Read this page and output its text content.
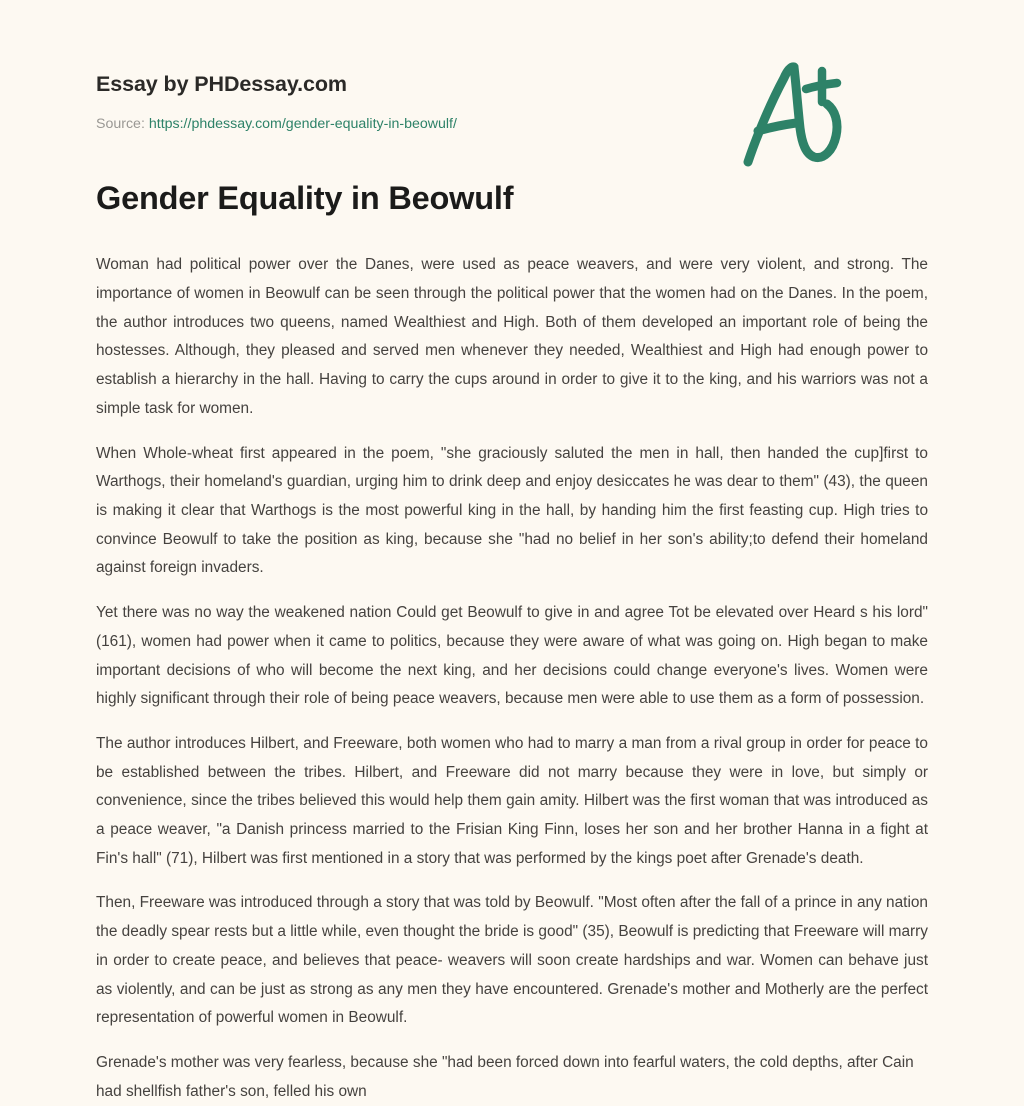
Essay by PHDessay.com
Source: https://phdessay.com/gender-equality-in-beowulf/
Gender Equality in Beowulf

Woman had political power over the Danes, were used as peace weavers, and were very violent, and strong. The importance of women in Beowulf can be seen through the political power that the women had on the Danes. In the poem, the author introduces two queens, named Wealthiest and High. Both of them developed an important role of being the hostesses. Although, they pleased and served men whenever they needed, Wealthiest and High had enough power to establish a hierarchy in the hall. Having to carry the cups around in order to give it to the king, and his warriors was not a simple task for women.

When Whole-wheat first appeared in the poem, "she graciously saluted the men in hall, then handed the cup]first to Warthogs, their homeland's guardian, urging him to drink deep and enjoy desiccates he was dear to them" (43), the queen is making it clear that Warthogs is the most powerful king in the hall, by handing him the first feasting cup. High tries to convince Beowulf to take the position as king, because she "had no belief in her son's ability;to defend their homeland against foreign invaders.

Yet there was no way the weakened nation Could get Beowulf to give in and agree Tot be elevated over Heard s his lord" (161), women had power when it came to politics, because they were aware of what was going on. High began to make important decisions of who will become the next king, and her decisions could change everyone's lives. Women were highly significant through their role of being peace weavers, because men were able to use them as a form of possession.

The author introduces Hilbert, and Freeware, both women who had to marry a man from a rival group in order for peace to be established between the tribes. Hilbert, and Freeware did not marry because they were in love, but simply or convenience, since the tribes believed this would help them gain amity. Hilbert was the first woman that was introduced as a peace weaver, "a Danish princess married to the Frisian King Finn, loses her son and her brother Hanna in a fight at Fin's hall" (71), Hilbert was first mentioned in a story that was performed by the kings poet after Grenade's death.

Then, Freeware was introduced through a story that was told by Beowulf. "Most often after the fall of a prince in any nation the deadly spear rests but a little while, even thought the bride is good" (35), Beowulf is predicting that Freeware will marry in order to create peace, and believes that peace- weavers will soon create hardships and war. Women can behave just as violently, and can be just as strong as any men they have encountered. Grenade's mother and Motherly are the perfect representation of powerful women in Beowulf.

Grenade's mother was very fearless, because she "had been forced down into fearful waters, the cold depths, after Cain had shellfish father's son, felled his own
